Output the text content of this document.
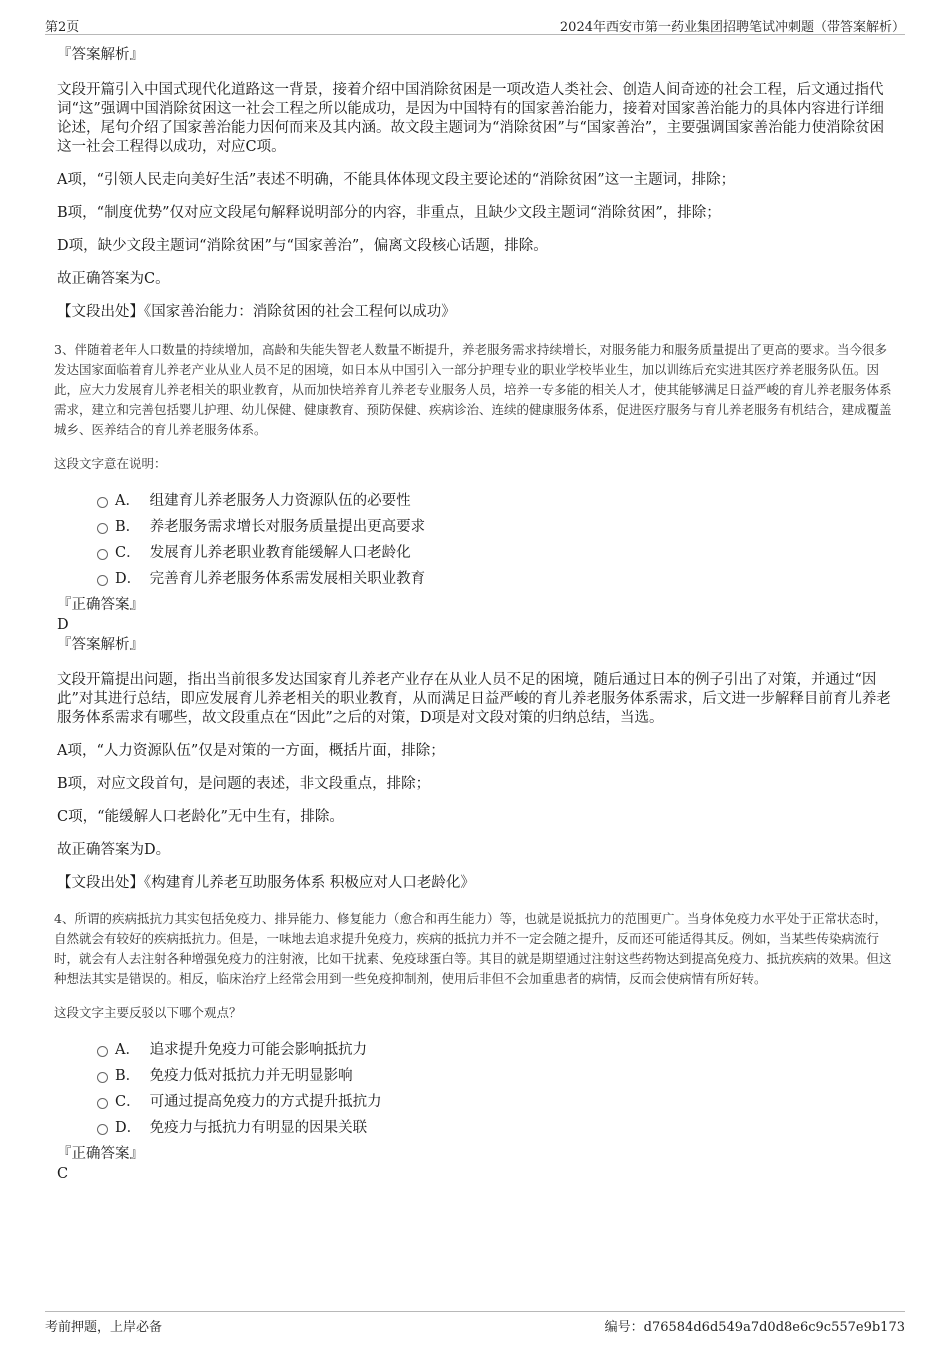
第2页	2024年西安市第一药业集团招聘笔试冲刺题（带答案解析）
『答案解析』

文段开篇引入中国式现代化道路这一背景，接着介绍中国消除贫困是一项改造人类社会、创造人间奇迹的社会工程，后文通过指代词“这”强调中国消除贫困这一社会工程之所以能成功，是因为中国特有的国家善治能力，接着对国家善治能力的具体内容进行详细论述，尾句介绍了国家善治能力因何而来及其内涵。故文段主题词为“消除贫困”与“国家善治”，主要强调国家善治能力使消除贫困这一社会工程得以成功，对应C项。

A项，“引领人民走向美好生活”表述不明确，不能具体体现文段主要论述的“消除贫困”这一主题词，排除；

B项，“制度优势”仅对应文段尾句解释说明部分的内容，非重点，且缺少文段主题词“消除贫困”，排除；

D项，缺少文段主题词“消除贫困”与“国家善治”，偏离文段核心话题，排除。

故正确答案为C。

【文段出处】《国家善治能力：消除贫困的社会工程何以成功》

3、伴随着老年人口数量的持续增加，高龄和失能失智老人数量不断提升，养老服务需求持续增长，对服务能力和服务质量提出了更高的要求。当今很多发达国家面临着育儿养老产业从业人员不足的困境，如日本从中国引入一部分护理专业的职业学校毕业生，加以训练后充实进其医疗养老服务队伍。因此，应大力发展育儿养老相关的职业教育，从而加快培养育儿养老专业服务人员，培养一专多能的相关人才，使其能够满足日益严峻的育儿养老服务体系需求，建立和完善包括婴儿护理、幼儿保健、健康教育、预防保健、疾病诊治、连续的健康服务体系，促进医疗服务与育儿养老服务有机结合，建成覆盖城乡、医养结合的育儿养老服务体系。

这段文字意在说明：

A． 组建育儿养老服务人力资源队伍的必要性
B． 养老服务需求增长对服务质量提出更高要求
C． 发展育儿养老职业教育能缓解人口老龄化
D． 完善育儿养老服务体系需发展相关职业教育
『正确答案』
D
『答案解析』

文段开篇提出问题，指出当前很多发达国家育儿养老产业存在从业人员不足的困境，随后通过日本的例子引出了对策，并通过“因此”对其进行总结，即应发展育儿养老相关的职业教育，从而满足日益严峻的育儿养老服务体系需求，后文进一步解释目前育儿养老服务体系需求有哪些，故文段重点在“因此”之后的对策，D项是对文段对策的归纳总结，当选。

A项，“人力资源队伍”仅是对策的一方面，概括片面，排除；

B项，对应文段首句，是问题的表述，非文段重点，排除；

C项，“能缓解人口老龄化”无中生有，排除。

故正确答案为D。

【文段出处】《构建育儿养老互助服务体系 积极应对人口老龄化》

4、所谓的疾病抵抗力其实包括免疫力、排异能力、修复能力（愈合和再生能力）等，也就是说抵抗力的范围更广。当身体免疫力水平处于正常状态时，自然就会有较好的疾病抵抗力。但是，一味地去追求提升免疫力，疾病的抵抗力并不一定会随之提升，反而还可能适得其反。例如，当某些传染病流行时，就会有人去注射各种增强免疫力的注射液，比如干扰素、免疫球蛋白等。其目的就是期望通过注射这些药物达到提高免疫力、抵抗疾病的效果。但这种想法其实是错误的。相反，临床治疗上经常会用到一些免疫抑制剂，使用后非但不会加重患者的病情，反而会使病情有所好转。

这段文字主要反驳以下哪个观点？

A． 追求提升免疫力可能会影响抵抗力
B． 免疫力低对抵抗力并无明显影响
C． 可通过提高免疫力的方式提升抵抗力
D． 免疫力与抵抗力有明显的因果关联
『正确答案』
C
考前押题，上岸必备	编号：d76584d6d549a7d0d8e6c9c557e9b173
